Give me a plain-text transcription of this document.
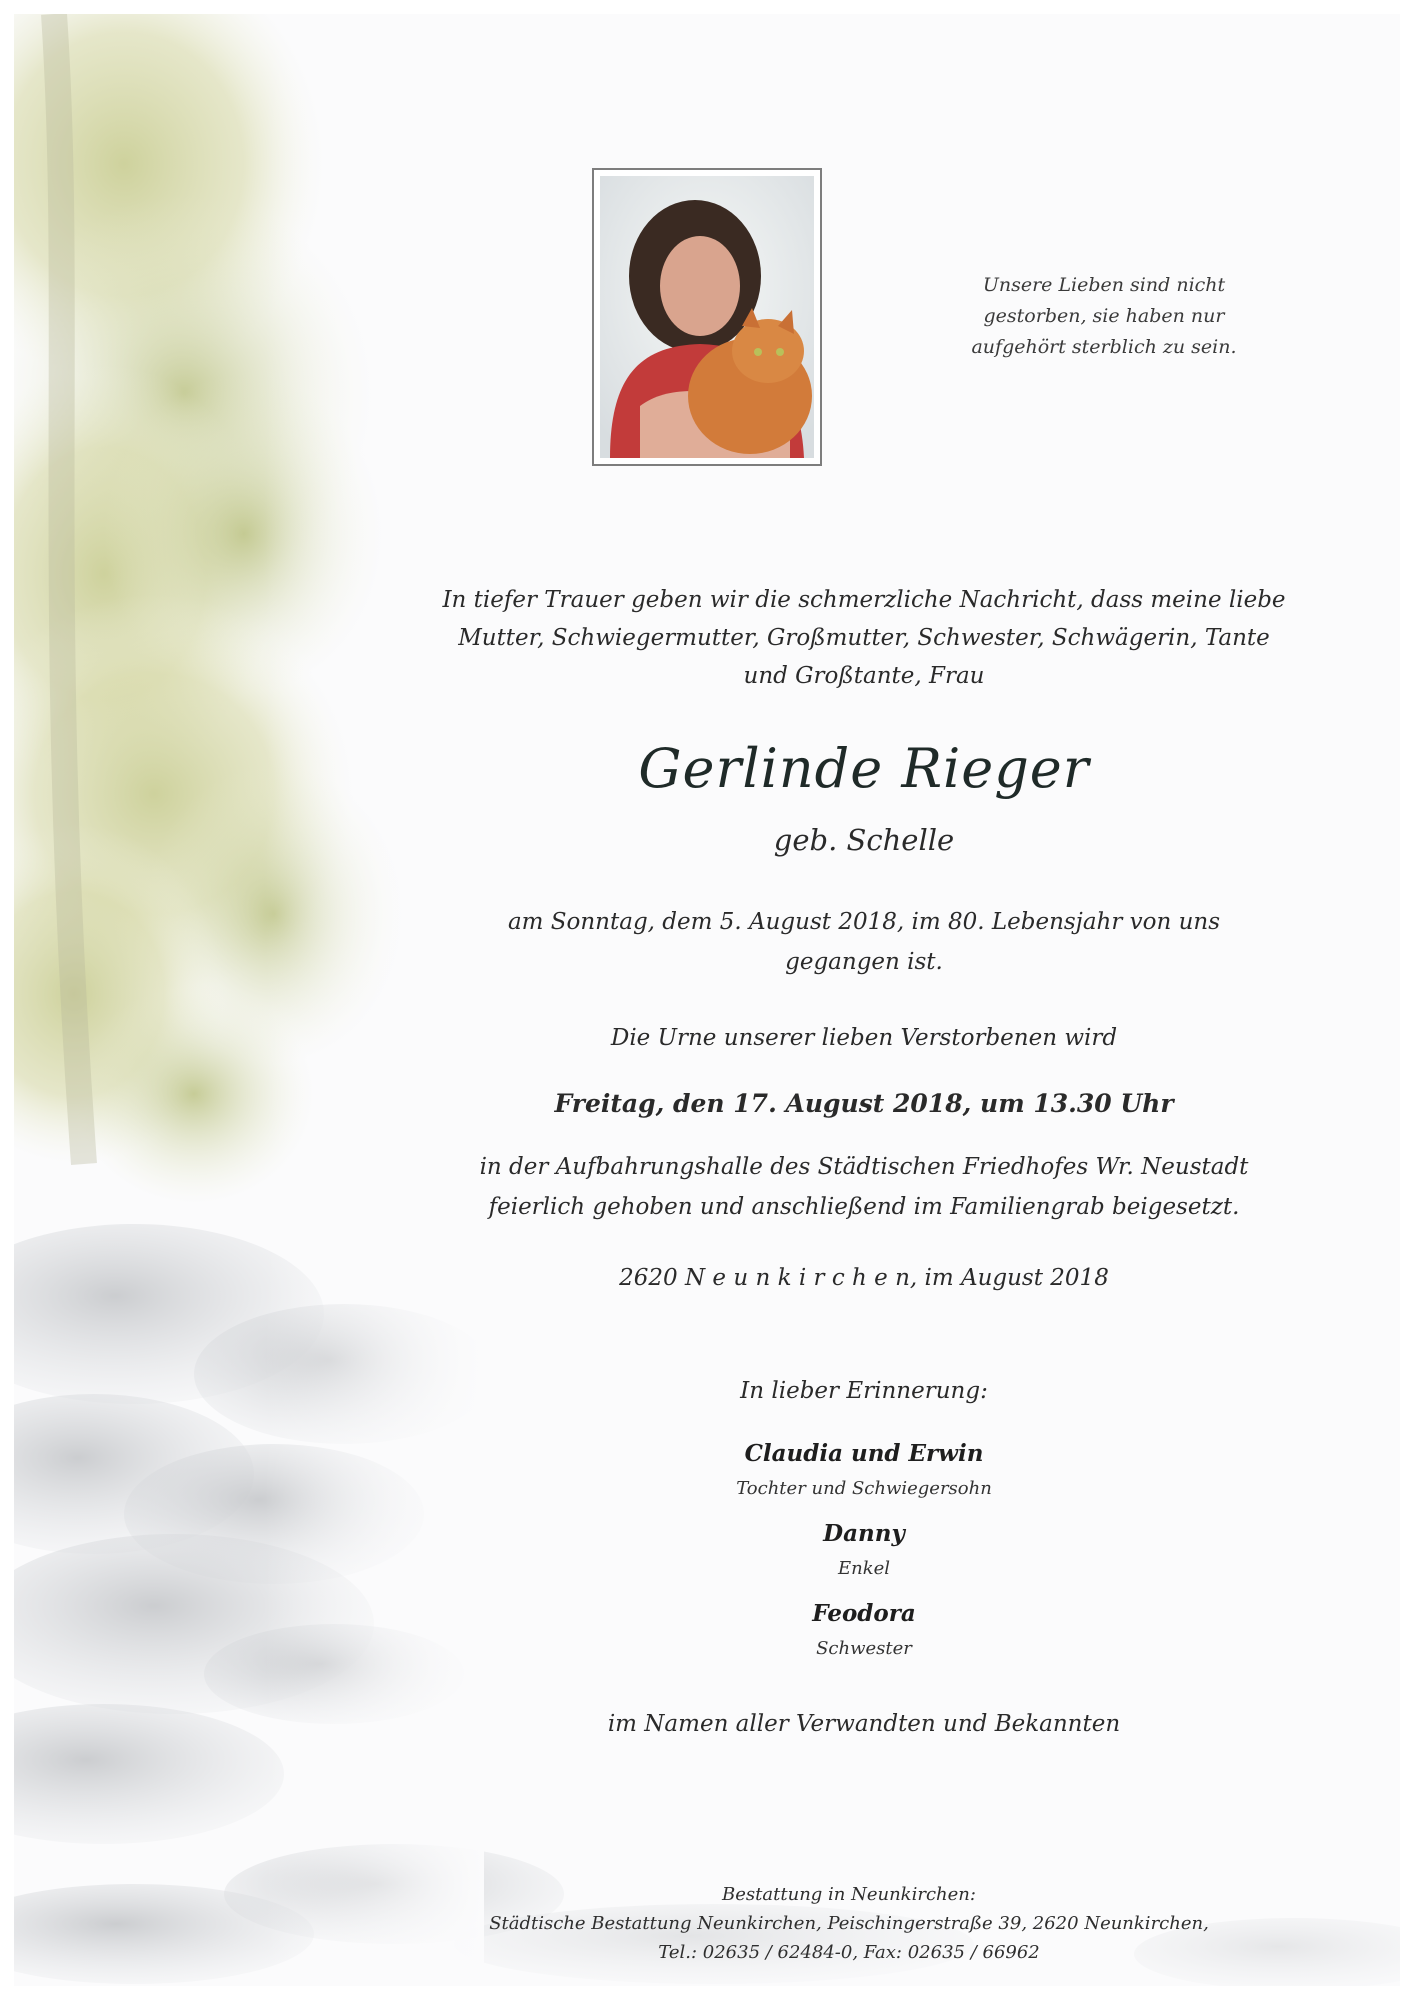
Unsere Lieben sind nicht
gestorben, sie haben nur
aufgehört sterblich zu sein.
In tiefer Trauer geben wir die schmerzliche Nachricht, dass meine liebe
Mutter, Schwiegermutter, Großmutter, Schwester, Schwägerin, Tante
und Großtante, Frau
Gerlinde Rieger
geb. Schelle
am Sonntag, dem 5. August 2018, im 80. Lebensjahr von uns
gegangen ist.
Die Urne unserer lieben Verstorbenen wird
Freitag, den 17. August 2018, um 13.30 Uhr
in der Aufbahrungshalle des Städtischen Friedhofes Wr. Neustadt
feierlich gehoben und anschließend im Familiengrab beigesetzt.
2620 N e u n k i r c h e n, im August 2018
In lieber Erinnerung:
Claudia und Erwin
Tochter und Schwiegersohn
Danny
Enkel
Feodora
Schwester
im Namen aller Verwandten und Bekannten
Bestattung in Neunkirchen:
Städtische Bestattung Neunkirchen, Peischingerstraße 39, 2620 Neunkirchen,
Tel.: 02635 / 62484-0, Fax: 02635 / 66962
